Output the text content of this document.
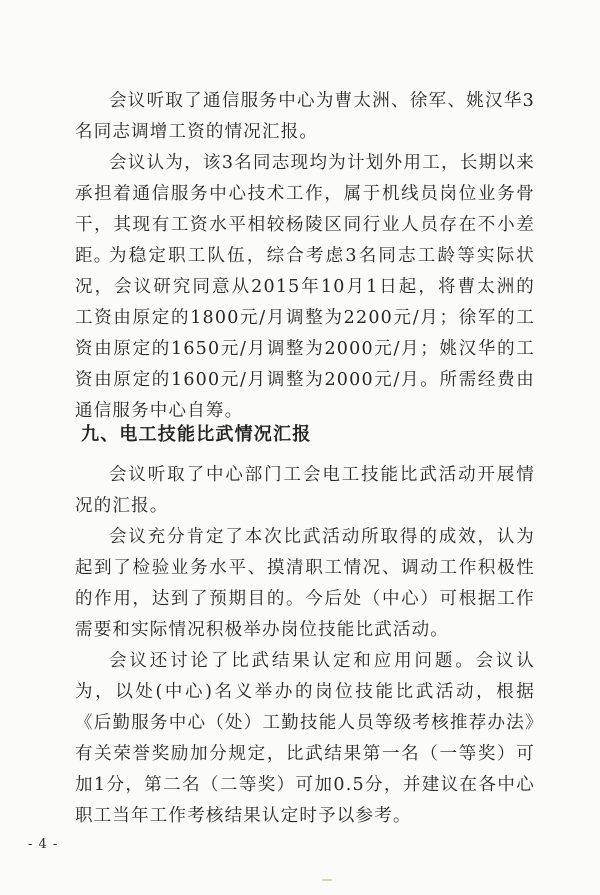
会议听取了通信服务中心为曹太洲、徐军、姚汉华3名同志调增工资的情况汇报。

会议认为，该3名同志现均为计划外用工，长期以来承担着通信服务中心技术工作，属于机线员岗位业务骨干，其现有工资水平相较杨陵区同行业人员存在不小差距。

为稳定职工队伍，综合考虑3名同志工龄等实际状况，会议研究同意从2015年10月1日起，将曹太洲的工资由原定的1800元/月调整为2200元/月；徐军的工资由原定的1650元/月调整为2000元/月；姚汉华的工资由原定的1600元/月调整为2000元/月。所需经费由通信服务中心自筹。

九、电工技能比武情况汇报

会议听取了中心部门工会电工技能比武活动开展情况的汇报。

会议充分肯定了本次比武活动所取得的成效，认为起到了检验业务水平、摸清职工情况、调动工作积极性的作用，达到了预期目的。今后处（中心）可根据工作需要和实际情况积极举办岗位技能比武活动。

会议还讨论了比武结果认定和应用问题。会议认为，以处(中心)名义举办的岗位技能比武活动，根据《后勤服务中心（处）工勤技能人员等级考核推荐办法》有关荣誉奖励加分规定，比武结果第一名（一等奖）可加1分，第二名（二等奖）可加0.5分，并建议在各中心职工当年工作考核结果认定时予以参考。

- 4 -
